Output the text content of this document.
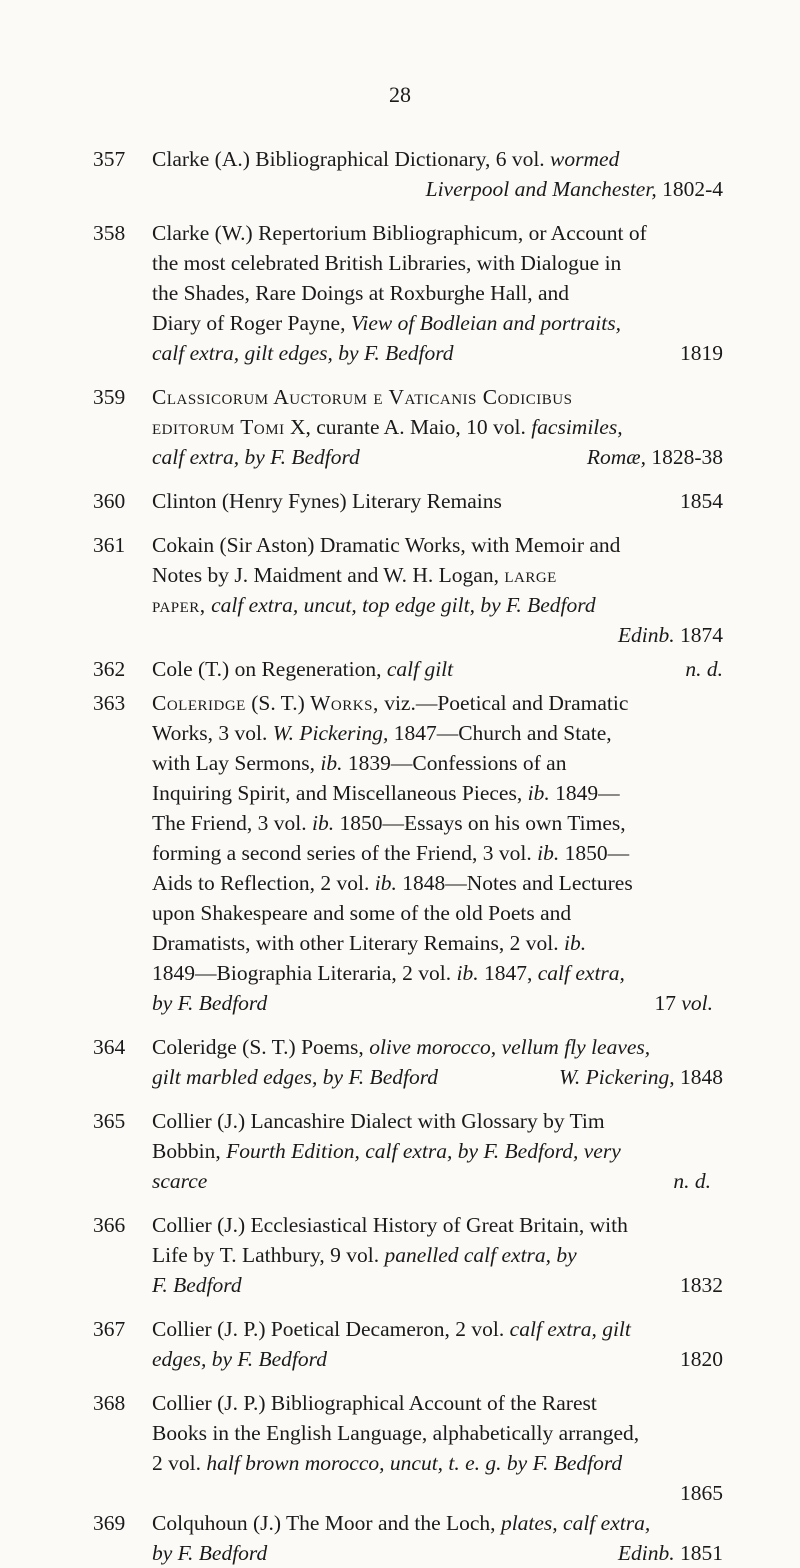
28
357	Clarke (A.) Bibliographical Dictionary, 6 vol. wormed
Liverpool and Manchester, 1802-4
358	Clarke (W.) Repertorium Bibliographicum, or Account of
the most celebrated British Libraries, with Dialogue in
the Shades, Rare Doings at Roxburghe Hall, and
Diary of Roger Payne, View of Bodleian and portraits,
calf extra, gilt edges, by F. Bedford	1819
359	Classicorum Auctorum e Vaticanis Codicibus
editorum Tomi X, curante A. Maio, 10 vol. facsimiles,
calf extra, by F. Bedford	Romæ, 1828-38
360	Clinton (Henry Fynes) Literary Remains	1854
361	Cokain (Sir Aston) Dramatic Works, with Memoir and
Notes by J. Maidment and W. H. Logan, large
paper, calf extra, uncut, top edge gilt, by F. Bedford
Edinb. 1874
362	Cole (T.) on Regeneration, calf gilt	n. d.
363	Coleridge (S. T.) Works, viz.—Poetical and Dramatic
Works, 3 vol. W. Pickering, 1847—Church and State,
with Lay Sermons, ib. 1839—Confessions of an
Inquiring Spirit, and Miscellaneous Pieces, ib. 1849—
The Friend, 3 vol. ib. 1850—Essays on his own Times,
forming a second series of the Friend, 3 vol. ib. 1850—
Aids to Reflection, 2 vol. ib. 1848—Notes and Lectures
upon Shakespeare and some of the old Poets and
Dramatists, with other Literary Remains, 2 vol. ib.
1849—Biographia Literaria, 2 vol. ib. 1847, calf extra,
by F. Bedford	17 vol.
364	Coleridge (S. T.) Poems, olive morocco, vellum fly leaves,
gilt marbled edges, by F. Bedford	W. Pickering, 1848
365	Collier (J.) Lancashire Dialect with Glossary by Tim
Bobbin, Fourth Edition, calf extra, by F. Bedford, very
scarce	n. d.
366	Collier (J.) Ecclesiastical History of Great Britain, with
Life by T. Lathbury, 9 vol. panelled calf extra, by
F. Bedford	1832
367	Collier (J. P.) Poetical Decameron, 2 vol. calf extra, gilt
edges, by F. Bedford	1820
368	Collier (J. P.) Bibliographical Account of the Rarest
Books in the English Language, alphabetically arranged,
2 vol. half brown morocco, uncut, t. e. g. by F. Bedford
1865
369	Colquhoun (J.) The Moor and the Loch, plates, calf extra,
by F. Bedford	Edinb. 1851
